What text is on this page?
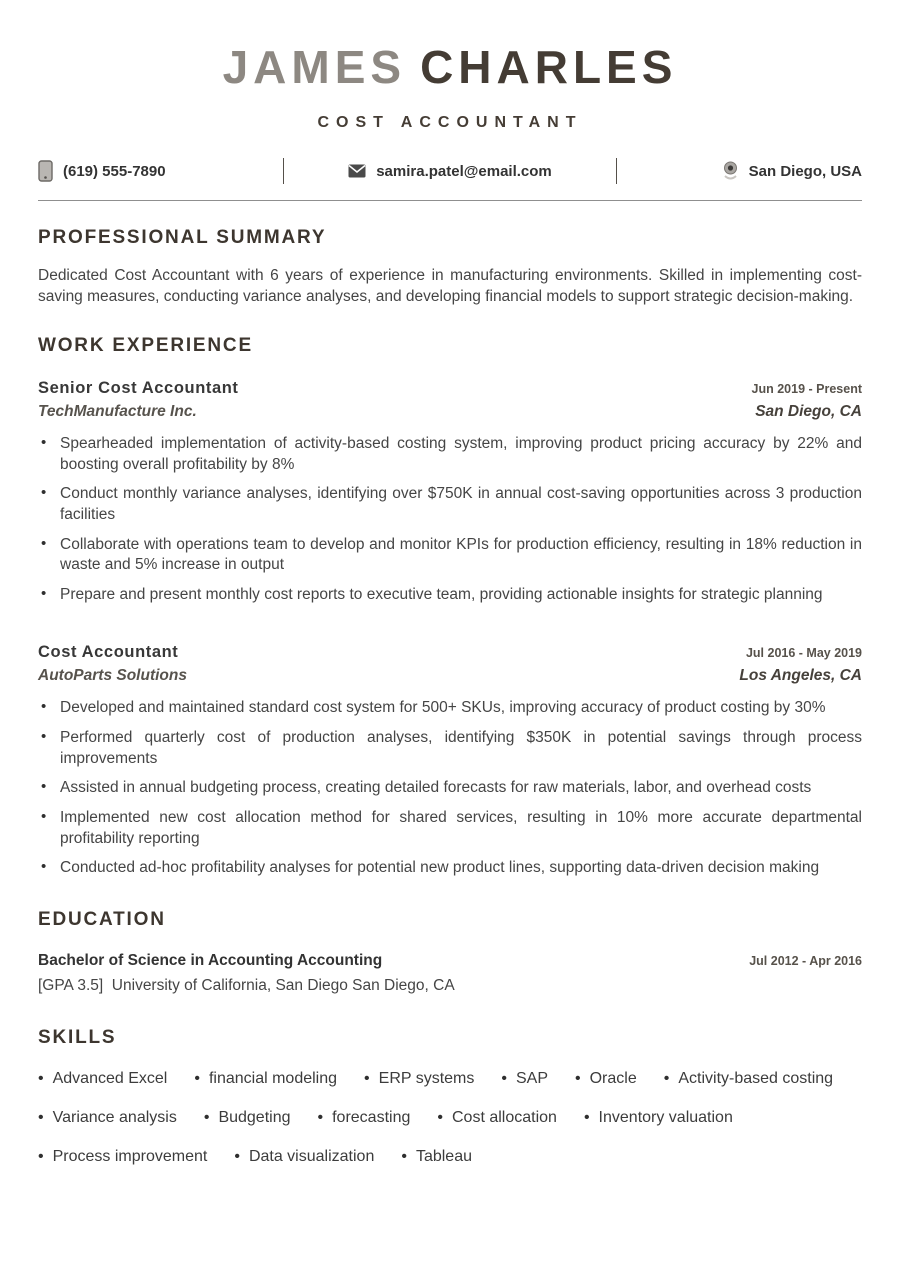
JAMES CHARLES
COST ACCOUNTANT
(619) 555-7890	samira.patel@email.com	San Diego, USA
PROFESSIONAL SUMMARY
Dedicated Cost Accountant with 6 years of experience in manufacturing environments. Skilled in implementing cost-saving measures, conducting variance analyses, and developing financial models to support strategic decision-making.
WORK EXPERIENCE
Senior Cost Accountant	Jun 2019 - Present
TechManufacture Inc.	San Diego, CA
• Spearheaded implementation of activity-based costing system, improving product pricing accuracy by 22% and boosting overall profitability by 8%
• Conduct monthly variance analyses, identifying over $750K in annual cost-saving opportunities across 3 production facilities
• Collaborate with operations team to develop and monitor KPIs for production efficiency, resulting in 18% reduction in waste and 5% increase in output
• Prepare and present monthly cost reports to executive team, providing actionable insights for strategic planning
Cost Accountant	Jul 2016 - May 2019
AutoParts Solutions	Los Angeles, CA
• Developed and maintained standard cost system for 500+ SKUs, improving accuracy of product costing by 30%
• Performed quarterly cost of production analyses, identifying $350K in potential savings through process improvements
• Assisted in annual budgeting process, creating detailed forecasts for raw materials, labor, and overhead costs
• Implemented new cost allocation method for shared services, resulting in 10% more accurate departmental profitability reporting
• Conducted ad-hoc profitability analyses for potential new product lines, supporting data-driven decision making
EDUCATION
Bachelor of Science in Accounting Accounting	Jul 2012 - Apr 2016
[GPA 3.5]  University of California, San Diego San Diego, CA
SKILLS
• Advanced Excel	• financial modeling	• ERP systems	• SAP	• Oracle	• Activity-based costing
• Variance analysis	• Budgeting	• forecasting	• Cost allocation	• Inventory valuation
• Process improvement	• Data visualization	• Tableau
